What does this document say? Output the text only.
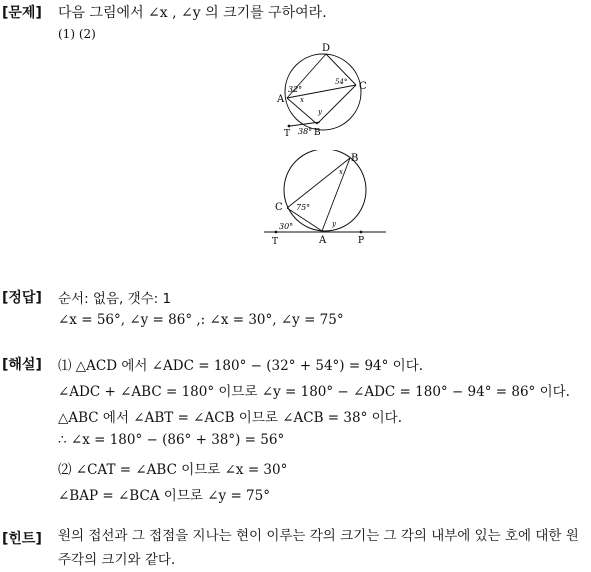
[문제] 다음 그림에서 ∠x , ∠y 의 크기를 구하여라.
(1) (2)
D
A
C
T	B
32°
54°
38°
x
y
B
C
T	A	P
75°
30°
x
y
[정답] 순서: 없음, 갯수: 1
∠x = 56°, ∠y = 86° ,: ∠x = 30°, ∠y = 75°
[해설] ⑴ △ACD 에서 ∠ADC = 180° − (32° + 54°) = 94° 이다.
∠ADC + ∠ABC = 180° 이므로 ∠y = 180° − ∠ADC = 180° − 94° = 86° 이다.
△ABC 에서 ∠ABT = ∠ACB 이므로 ∠ACB = 38° 이다.
∴ ∠x = 180° − (86° + 38°) = 56°
⑵ ∠CAT = ∠ABC 이므로 ∠x = 30°
∠BAP = ∠BCA 이므로 ∠y = 75°
[힌트] 원의 접선과 그 접점을 지나는 현이 이루는 각의 크기는 그 각의 내부에 있는 호에 대한 원주각의 크기와 같다.
